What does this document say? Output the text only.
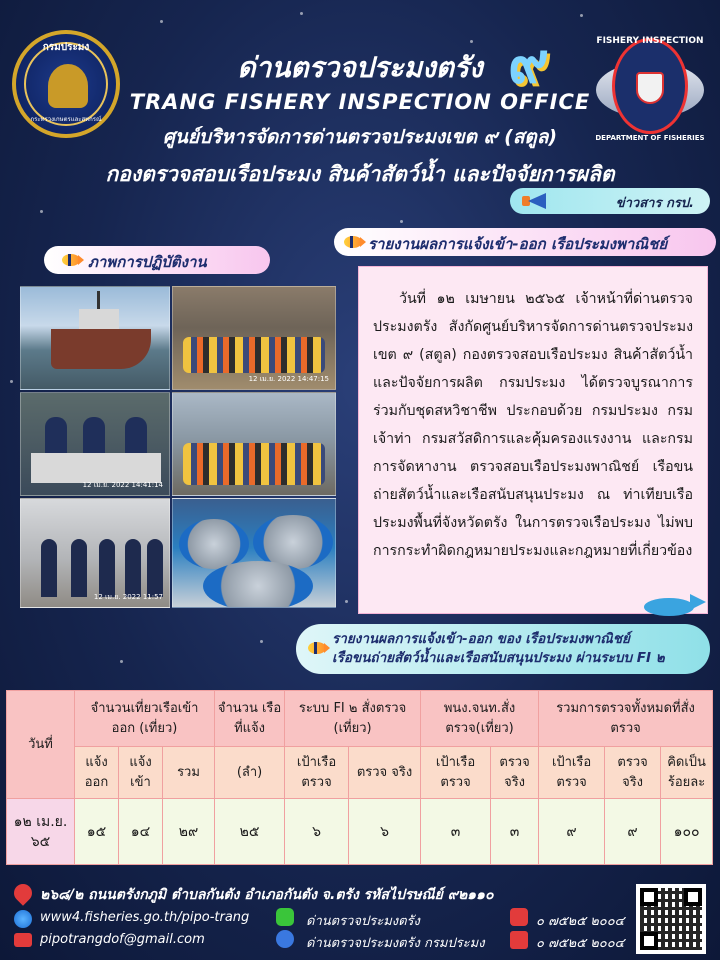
กรมประมง
กระทรวงเกษตรและสหกรณ์
๙	FISHERY INSPECTION
DEPARTMENT OF FISHERIES
ด่านตรวจประมงตรัง
TRANG FISHERY INSPECTION OFFICE
ศูนย์บริหารจัดการด่านตรวจประมงเขต ๙ (สตูล)
กองตรวจสอบเรือประมง สินค้าสัตว์น้ำ และปัจจัยการผลิต
ข่าวสาร กรป.
ภาพการปฏิบัติงาน
รายงานผลการแจ้งเข้า-ออก เรือประมงพาณิชย์
12 เม.ย. 2022 14:47:15
12 เม.ย. 2022 14:41:14
12 เม.ย. 2022 11:57

วันที่ ๑๒ เมษายน ๒๕๖๕ เจ้าหน้าที่ด่านตรวจประมงตรัง สังกัดศูนย์บริหารจัดการด่านตรวจประมง เขต ๙ (สตูล) กองตรวจสอบเรือประมง สินค้าสัตว์น้ำ และปัจจัยการผลิต กรมประมง ได้ตรวจบูรณาการร่วมกับชุดสหวิชาชีพ ประกอบด้วย กรมประมง กรมเจ้าท่า กรมสวัสดิการและคุ้มครองแรงงาน และกรมการจัดหางาน ตรวจสอบเรือประมงพาณิชย์ เรือขนถ่ายสัตว์น้ำและเรือสนับสนุนประมง ณ ท่าเทียบเรือประมงพื้นที่จังหวัดตรัง ในการตรวจเรือประมง ไม่พบการกระทำผิดกฎหมายประมงและกฎหมายที่เกี่ยวข้อง

รายงานผลการแจ้งเข้า-ออก ของ เรือประมงพาณิชย์
เรือขนถ่ายสัตว์น้ำและเรือสนับสนุนประมง ผ่านระบบ FI ๒
วันที่	จำนวนเที่ยวเรือเข้า ออก (เที่ยว)			จำนวน เรือที่แจ้ง	ระบบ FI ๒ สั่งตรวจ (เที่ยว)		พนง.จนท.สั่ง ตรวจ(เที่ยว)		รวมการตรวจทั้งหมดที่สั่ง ตรวจ		
	แจ้ง ออก	แจ้ง เข้า	รวม	(ลำ)	เป้าเรือ ตรวจ	ตรวจ จริง	เป้าเรือ ตรวจ	ตรวจ จริง	เป้าเรือ ตรวจ	ตรวจ จริง	คิดเป็น ร้อยละ
๑๒ เม.ย. ๖๕	๑๕	๑๔	๒๙	๒๕	๖	๖	๓	๓	๙	๙	๑๐๐
๒๖๘/๒ ถนนตรังกภูมิ ตำบลกันตัง อำเภอกันตัง จ.ตรัง รหัสไปรษณีย์ ๙๒๑๑๐
www4.fisheries.go.th/pipo-trang	ด่านตรวจประมงตรัง	๐ ๗๕๒๕ ๒๐๐๔
pipotrangdof@gmail.com	ด่านตรวจประมงตรัง กรมประมง	๐ ๗๕๒๕ ๒๐๐๔
